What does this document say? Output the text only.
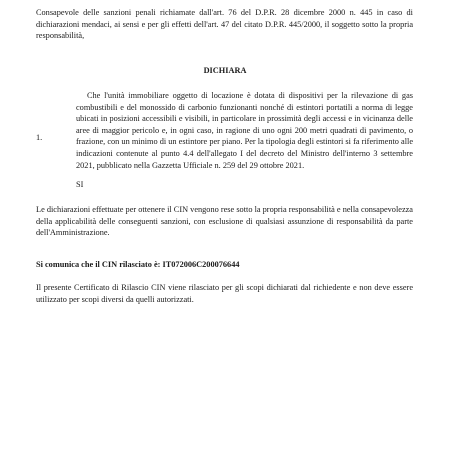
Consapevole delle sanzioni penali richiamate dall'art. 76 del D.P.R. 28 dicembre 2000 n. 445 in caso di dichiarazioni mendaci, ai sensi e per gli effetti dell'art. 47 del citato D.P.R. 445/2000, il soggetto sotto la propria responsabilità,

DICHIARA

1.

Che l'unità immobiliare oggetto di locazione è dotata di dispositivi per la rilevazione di gas combustibili e del monossido di carbonio funzionanti nonché di estintori portatili a norma di legge ubicati in posizioni accessibili e visibili, in particolare in prossimità degli accessi e in vicinanza delle aree di maggior pericolo e, in ogni caso, in ragione di uno ogni 200 metri quadrati di pavimento, o frazione, con un minimo di un estintore per piano. Per la tipologia degli estintori si fa riferimento alle indicazioni contenute al punto 4.4 dell'allegato I del decreto del Ministro dell'interno 3 settembre 2021, pubblicato nella Gazzetta Ufficiale n. 259 del 29 ottobre 2021.

SI

Le dichiarazioni effettuate per ottenere il CIN vengono rese sotto la propria responsabilità e nella consapevolezza della applicabilità delle conseguenti sanzioni, con esclusione di qualsiasi assunzione di responsabilità da parte dell'Amministrazione.

Si comunica che il CIN rilasciato è: IT072006C200076644

Il presente Certificato di Rilascio CIN viene rilasciato per gli scopi dichiarati dal richiedente e non deve essere utilizzato per scopi diversi da quelli autorizzati.
